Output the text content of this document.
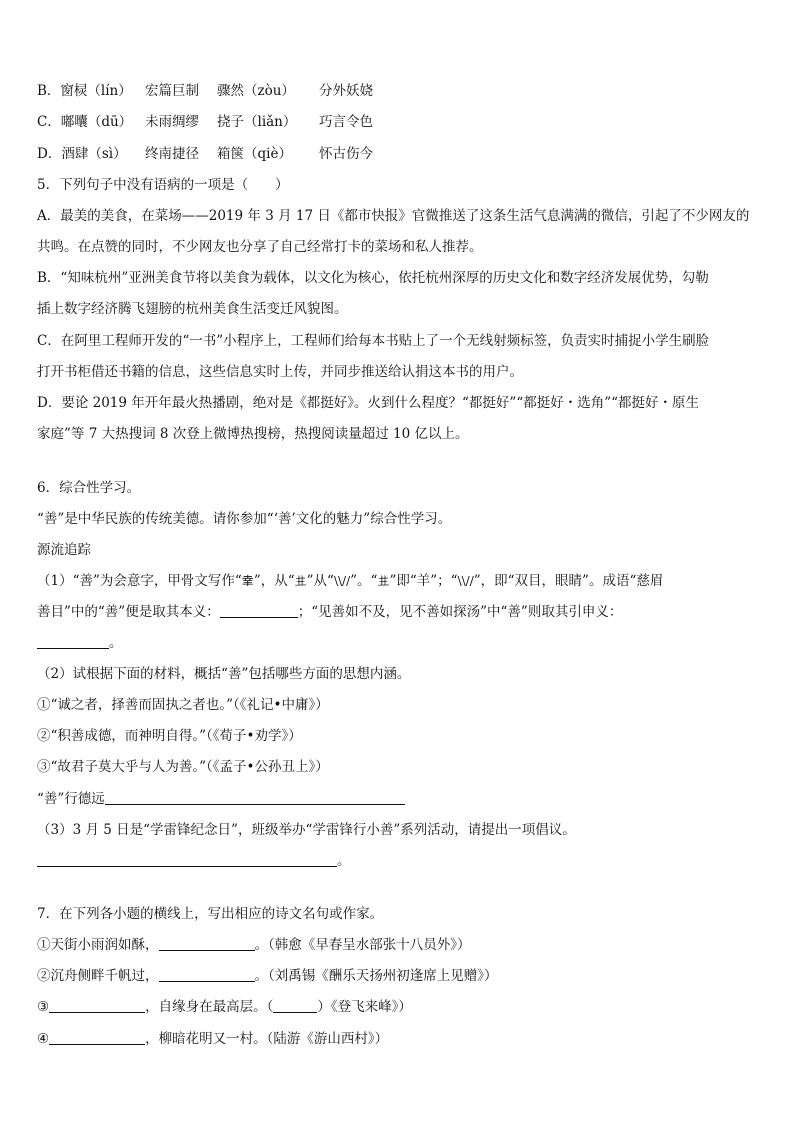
B．窗棂（lín） 宏篇巨制 骤然（zòu） 分外妖娆
C．嘟囔（dū） 未雨绸缪 挠子（liǎn） 巧言令色
D．酒肆（sì） 终南捷径 箱箧（qiè） 怀古伤今
5．下列句子中没有语病的一项是（　　）
A．最美的美食，在菜场——2019 年 3 月 17 日《都市快报》官微推送了这条生活气息满满的微信，引起了不少网友的
共鸣。在点赞的同时，不少网友也分享了自己经常打卡的菜场和私人推荐。
B．“知味杭州”亚洲美食节将以美食为载体，以文化为核心，依托杭州深厚的历史文化和数字经济发展优势，勾勒
插上数字经济腾飞翅膀的杭州美食生活变迁风貌图。
C．在阿里工程师开发的“一书”小程序上，工程师们给每本书贴上了一个无线射频标签，负责实时捕捉小学生刷脸
打开书柜借还书籍的信息，这些信息实时上传，并同步推送给认捐这本书的用户。
D．要论 2019 年开年最火热播剧，绝对是《都挺好》。火到什么程度？“都挺好”“都挺好・选角”“都挺好・原生
家庭”等 7 大热搜词 8 次登上微博热搜榜，热搜阅读量超过 10 亿以上。
6．综合性学习。
“善”是中华民族的传统美德。请你参加“‘善’文化的魅力”综合性学习。
源流追踪
（1）“善”为会意字，甲骨文写作“𦍒”，从“𠀎”从“\\//”。“𠀎”即“羊”；“\\//”，即“双目，眼睛”。成语“慈眉
善目”中的“善”便是取其本义：	；“见善如不及，见不善如探汤”中“善”则取其引申义：
。
（2）试根据下面的材料，概括“善”包括哪些方面的思想内涵。
①“诚之者，择善而固执之者也。”（《礼记•中庸》）
②“积善成德，而神明自得。”（《荀子•劝学》）
③“故君子莫大乎与人为善。”（《孟子•公孙丑上》）
“善”行德远
（3）3 月 5 日是“学雷锋纪念日”，班级举办“学雷锋行小善”系列活动，请提出一项倡议。
。
7．在下列各小题的横线上，写出相应的诗文名句或作家。
①天街小雨润如酥，	。（韩愈《早春呈水部张十八员外》）
②沉舟侧畔千帆过，	。（刘禹锡《酬乐天扬州初逢席上见赠》）
③	，自缘身在最高层。（	）《登飞来峰》）
④	，柳暗花明又一村。（陆游《游山西村》）
